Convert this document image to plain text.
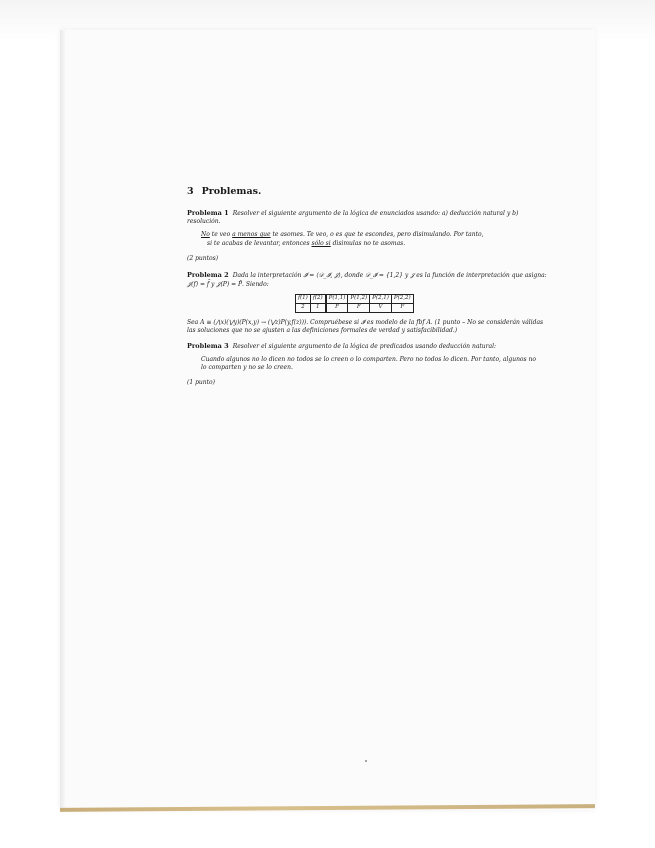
3 Problemas.
Problema 1 Resolver el siguiente argumento de la lógica de enunciados usando: a) deducción natural y b) resolución.
No te veo a menos que te asomes. Te veo, o es que te escondes, pero disimulando. Por tanto,
si te acabas de levantar, entonces sólo si disimulas no te asomas.
(2 puntos)
Problema 2 Dada la interpretación 𝓘 = ⟨𝒟_𝓘, 𝒥⟩, donde 𝒟_𝓘 = {1,2} y 𝒥 es la función de interpretación que asigna: 𝒥(f) = f̄ y 𝒥(P) = P̄. Siendo:
f̄(1)	f̄(2)	P̄(1,1)	P̄(1,2)	P̄(2,1)	P̄(2,2)
2	1	F	F	V	F
Sea A ≡ (⋀x)(⋁y)(P(x,y) → (⋁z)P(y,f(z))). Compruébese si 𝓘 es modelo de la fbf A. (1 punto – No se considerán válidas las soluciones que no se ajusten a las definiciones formales de verdad y satisfacibilidad.)
Problema 3 Resolver el siguiente argumento de la lógica de predicados usando deducción natural:
Cuando algunos no lo dicen no todos se lo creen o lo comparten. Pero no todos lo dicen. Por tanto, algunos no lo comparten y no se lo creen.
(1 punto)
